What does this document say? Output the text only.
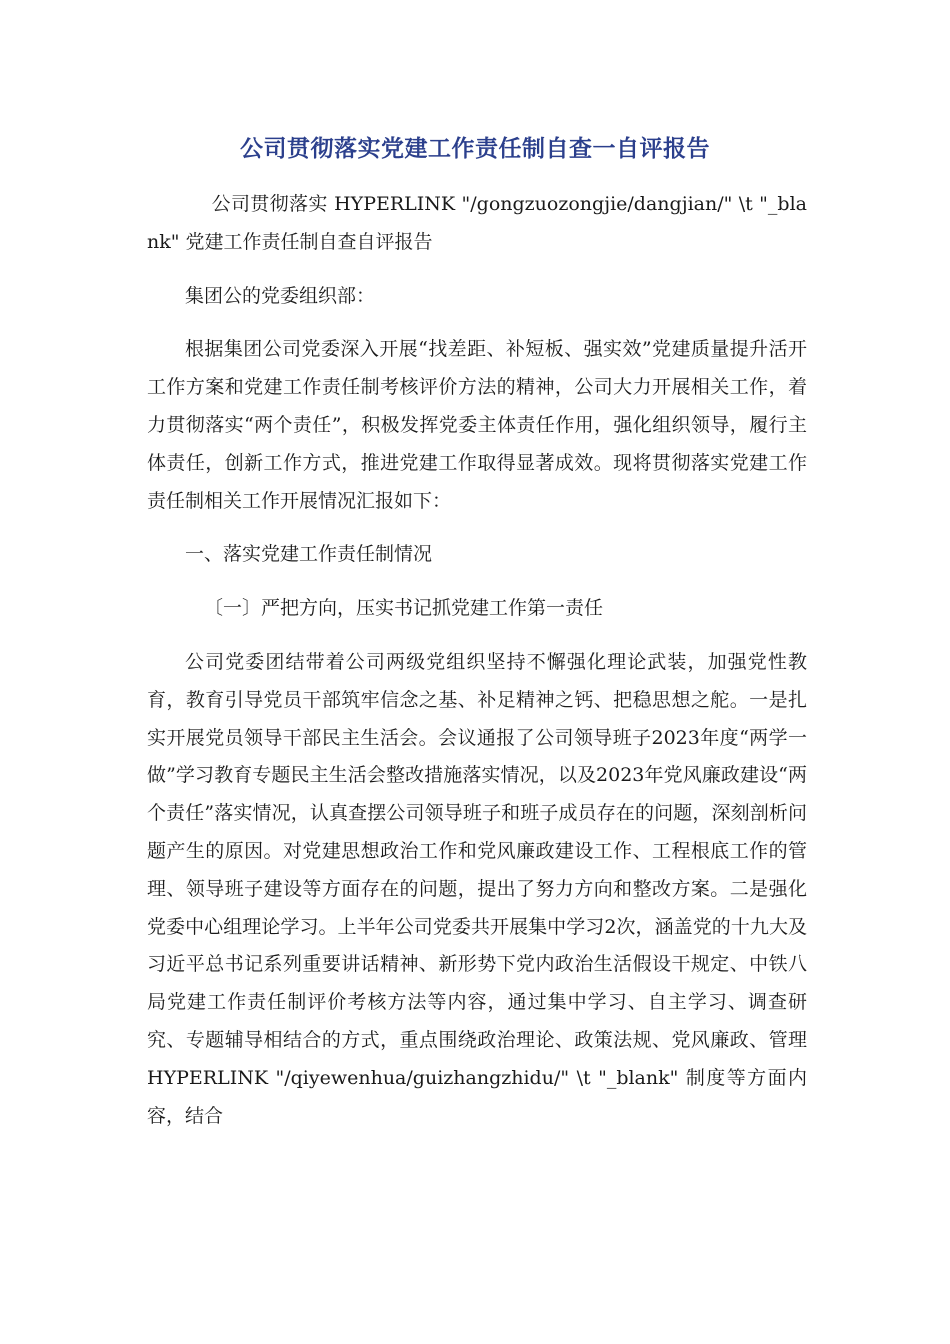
公司贯彻落实党建工作责任制自查一自评报告

公司贯彻落实 HYPERLINK "/gongzuozongjie/dangjian/" \t "_blank" 党建工作责任制自查自评报告

集团公的党委组织部：

根据集团公司党委深入开展“找差距、补短板、强实效”党建质量提升活开工作方案和党建工作责任制考核评价方法的精神，公司大力开展相关工作，着力贯彻落实“两个责任”，积极发挥党委主体责任作用，强化组织领导，履行主体责任，创新工作方式，推进党建工作取得显著成效。现将贯彻落实党建工作责任制相关工作开展情况汇报如下：

一、落实党建工作责任制情况

〔一〕严把方向，压实书记抓党建工作第一责任

公司党委团结带着公司两级党组织坚持不懈强化理论武装，加强党性教育，教育引导党员干部筑牢信念之基、补足精神之钙、把稳思想之舵。一是扎实开展党员领导干部民主生活会。会议通报了公司领导班子2023年度“两学一做”学习教育专题民主生活会整改措施落实情况，以及2023年党风廉政建设“两个责任”落实情况，认真查摆公司领导班子和班子成员存在的问题，深刻剖析问题产生的原因。对党建思想政治工作和党风廉政建设工作、工程根底工作的管理、领导班子建设等方面存在的问题，提出了努力方向和整改方案。二是强化党委中心组理论学习。上半年公司党委共开展集中学习2次，涵盖党的十九大及习近平总书记系列重要讲话精神、新形势下党内政治生活假设干规定、中铁八局党建工作责任制评价考核方法等内容，通过集中学习、自主学习、调查研究、专题辅导相结合的方式，重点围绕政治理论、政策法规、党风廉政、管理 HYPERLINK "/qiyewenhua/guizhangzhidu/" \t "_blank" 制度等方面内容，结合
